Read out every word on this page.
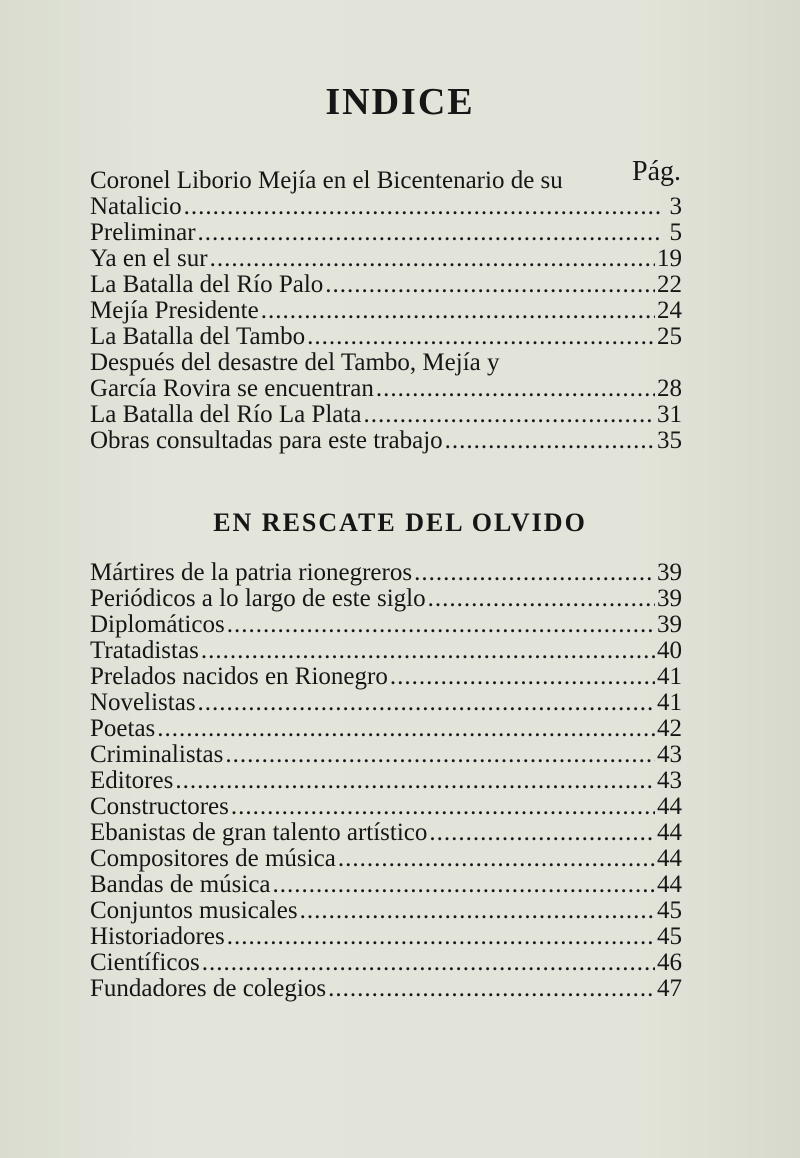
INDICE
Pág.
Coronel Liborio Mejía en el Bicentenario de su
Natalicio .....	3
Preliminar .....	5
Ya en el sur .....	19
La Batalla del Río Palo .....	22
Mejía Presidente .....	24
La Batalla del Tambo .....	25
Después del desastre del Tambo, Mejía y
García Rovira se encuentran .....	28
La Batalla del Río La Plata .....	31
Obras consultadas para este trabajo .....	35
EN RESCATE DEL OLVIDO
Mártires de la patria rionegreros .....	39
Periódicos a lo largo de este siglo .....	39
Diplomáticos .....	39
Tratadistas .....	40
Prelados nacidos en Rionegro .....	41
Novelistas .....	41
Poetas .....	42
Criminalistas .....	43
Editores .....	43
Constructores .....	44
Ebanistas de gran talento artístico .....	44
Compositores de música .....	44
Bandas de música .....	44
Conjuntos musicales .....	45
Historiadores .....	45
Científicos .....	46
Fundadores de colegios .....	47
